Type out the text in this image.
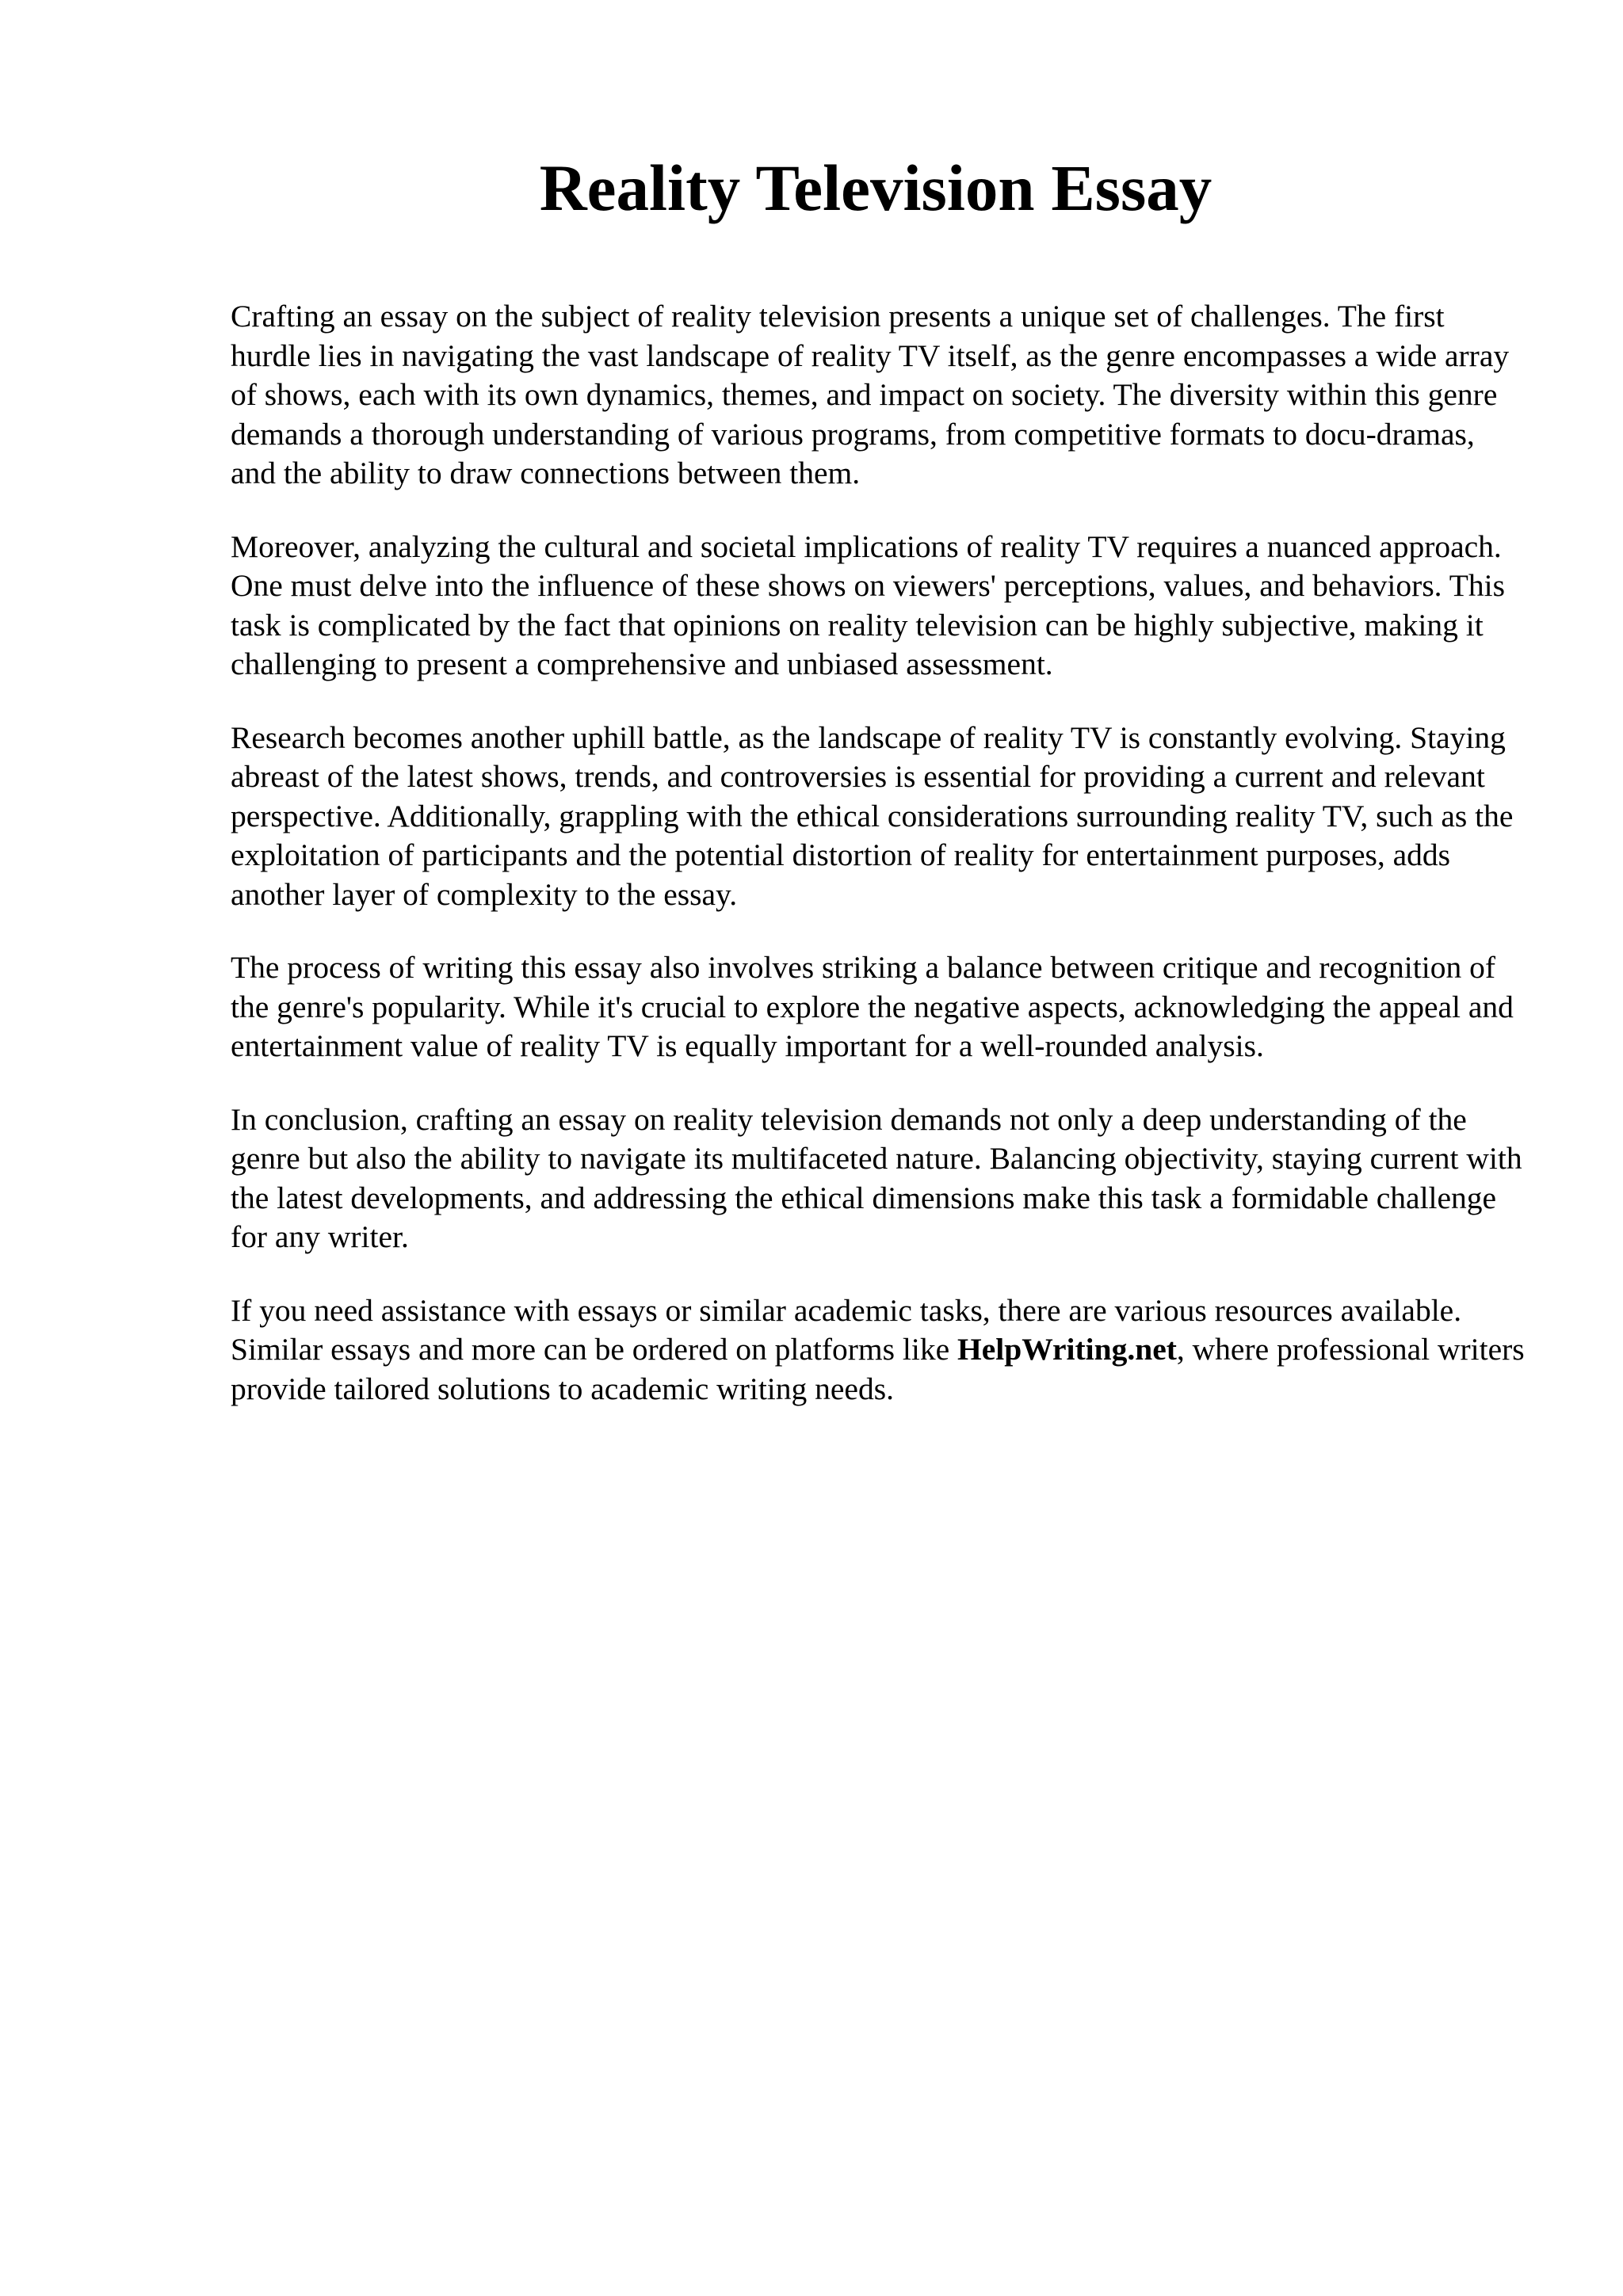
Reality Television Essay

Crafting an essay on the subject of reality television presents a unique set of challenges. The first hurdle lies in navigating the vast landscape of reality TV itself, as the genre encompasses a wide array of shows, each with its own dynamics, themes, and impact on society. The diversity within this genre demands a thorough understanding of various programs, from competitive formats to docu-dramas, and the ability to draw connections between them.

Moreover, analyzing the cultural and societal implications of reality TV requires a nuanced approach. One must delve into the influence of these shows on viewers' perceptions, values, and behaviors. This task is complicated by the fact that opinions on reality television can be highly subjective, making it challenging to present a comprehensive and unbiased assessment.

Research becomes another uphill battle, as the landscape of reality TV is constantly evolving. Staying abreast of the latest shows, trends, and controversies is essential for providing a current and relevant perspective. Additionally, grappling with the ethical considerations surrounding reality TV, such as the exploitation of participants and the potential distortion of reality for entertainment purposes, adds another layer of complexity to the essay.

The process of writing this essay also involves striking a balance between critique and recognition of the genre's popularity. While it's crucial to explore the negative aspects, acknowledging the appeal and entertainment value of reality TV is equally important for a well-rounded analysis.

In conclusion, crafting an essay on reality television demands not only a deep understanding of the genre but also the ability to navigate its multifaceted nature. Balancing objectivity, staying current with the latest developments, and addressing the ethical dimensions make this task a formidable challenge for any writer.

If you need assistance with essays or similar academic tasks, there are various resources available. Similar essays and more can be ordered on platforms like HelpWriting.net, where professional writers provide tailored solutions to academic writing needs.
